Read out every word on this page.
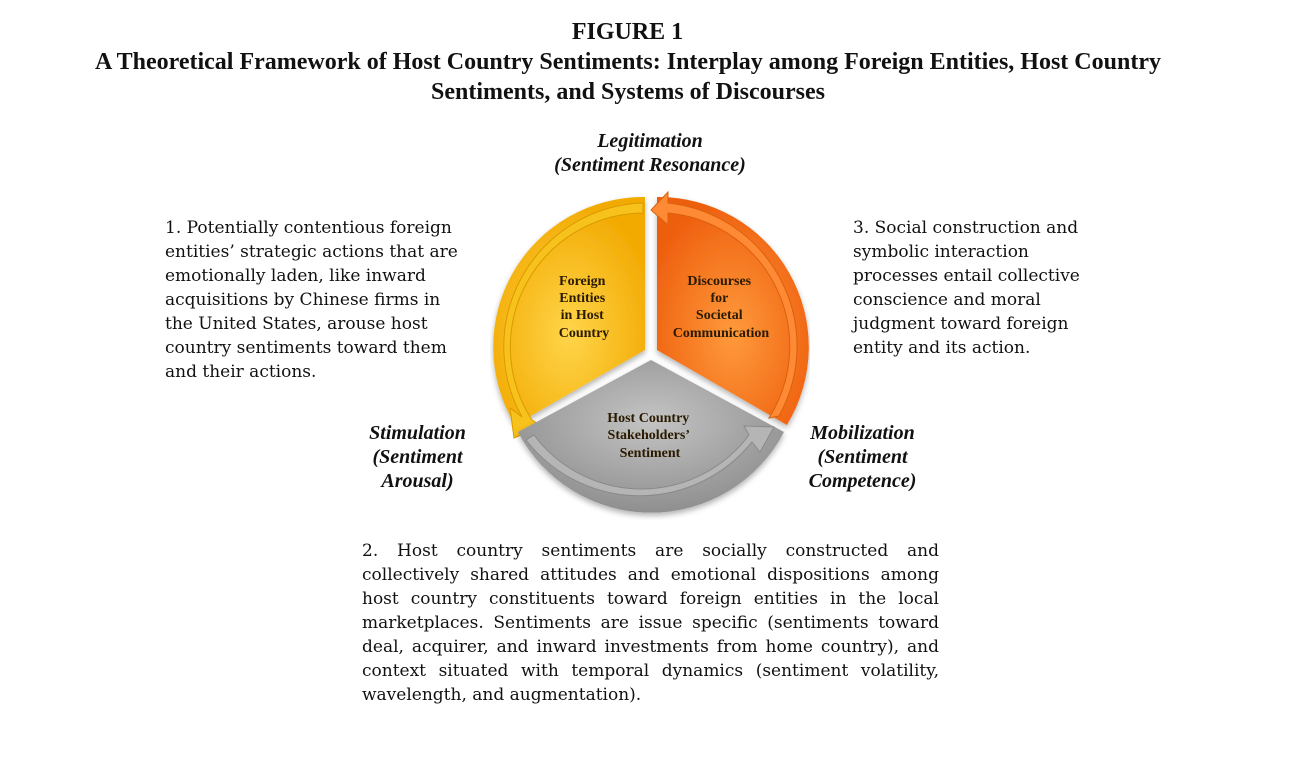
FIGURE 1
A Theoretical Framework of Host Country Sentiments: Interplay among Foreign Entities, Host Country
Sentiments, and Systems of Discourses
Legitimation
(Sentiment Resonance)
Stimulation
(Sentiment
Arousal)
Mobilization
(Sentiment
Competence)
1. Potentially contentious foreign entities’ strategic actions that are emotionally laden, like inward acquisitions by Chinese firms in the United States, arouse host country sentiments toward them and their actions.
3. Social construction and symbolic interaction processes entail collective conscience and moral judgment toward foreign entity and its action.
2. Host country sentiments are socially constructed and collectively shared attitudes and emotional dispositions among host country constituents toward foreign entities in the local marketplaces. Sentiments are issue specific (sentiments toward deal, acquirer, and inward investments from home country), and context situated with temporal dynamics (sentiment volatility, wavelength, and augmentation).
Foreign Entities in Host Country
Discourses for Societal Communication
Host Country Stakeholders’ Sentiment
